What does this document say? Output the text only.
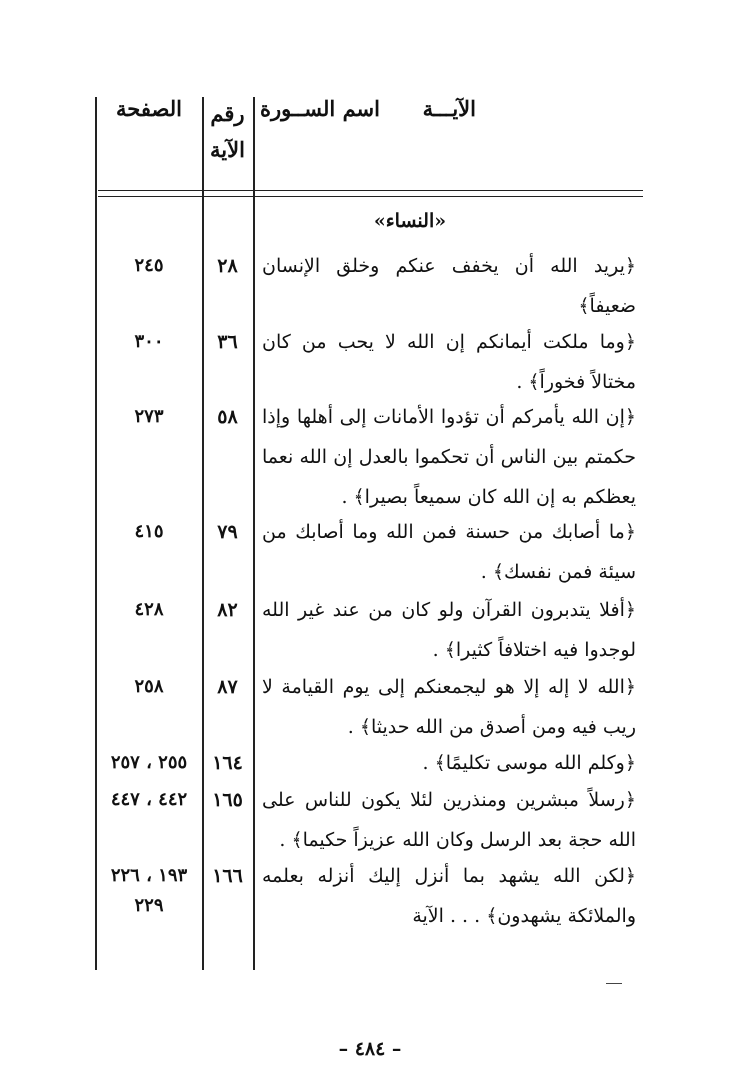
الصفحة	رقم
الآية
اسم الســورة الآيـــة
«النساء»
﴿يريد الله أن يخفف عنكم وخلق الإنسان ضعيفاً﴾
٢٨
٢٤٥
﴿وما ملكت أيمانكم إن الله لا يحب من كان مختالاً فخوراً﴾ .
٣٦
٣٠٠
﴿إن الله يأمركم أن تؤدوا الأمانات إلى أهلها وإذا حكمتم بين الناس أن تحكموا بالعدل إن الله نعما يعظكم به إن الله كان سميعاً بصيرا﴾ .
٥٨
٢٧٣
﴿ما أصابك من حسنة فمن الله وما أصابك من سيئة فمن نفسك﴾ .
٧٩
٤١٥
﴿أفلا يتدبرون القرآن ولو كان من عند غير الله لوجدوا فيه اختلافاً كثيرا﴾ .
٨٢
٤٢٨
﴿الله لا إله إلا هو ليجمعنكم إلى يوم القيامة لا ريب فيه ومن أصدق من الله حديثا﴾ .
٨٧
٢٥٨
﴿وكلم الله موسى تكليمًا﴾ .
١٦٤
٢٥٥ ، ٢٥٧
﴿رسلاً مبشرين ومنذرين لئلا يكون للناس على الله حجة بعد الرسل وكان الله عزيزاً حكيما﴾ .
١٦٥
٤٤٢ ، ٤٤٧
﴿لكن الله يشهد بما أنزل إليك أنزله بعلمه والملائكة يشهدون﴾ . . . الآية
١٦٦
١٩٣ ، ٢٢٦
٢٢٩
– ٤٨٤ –
